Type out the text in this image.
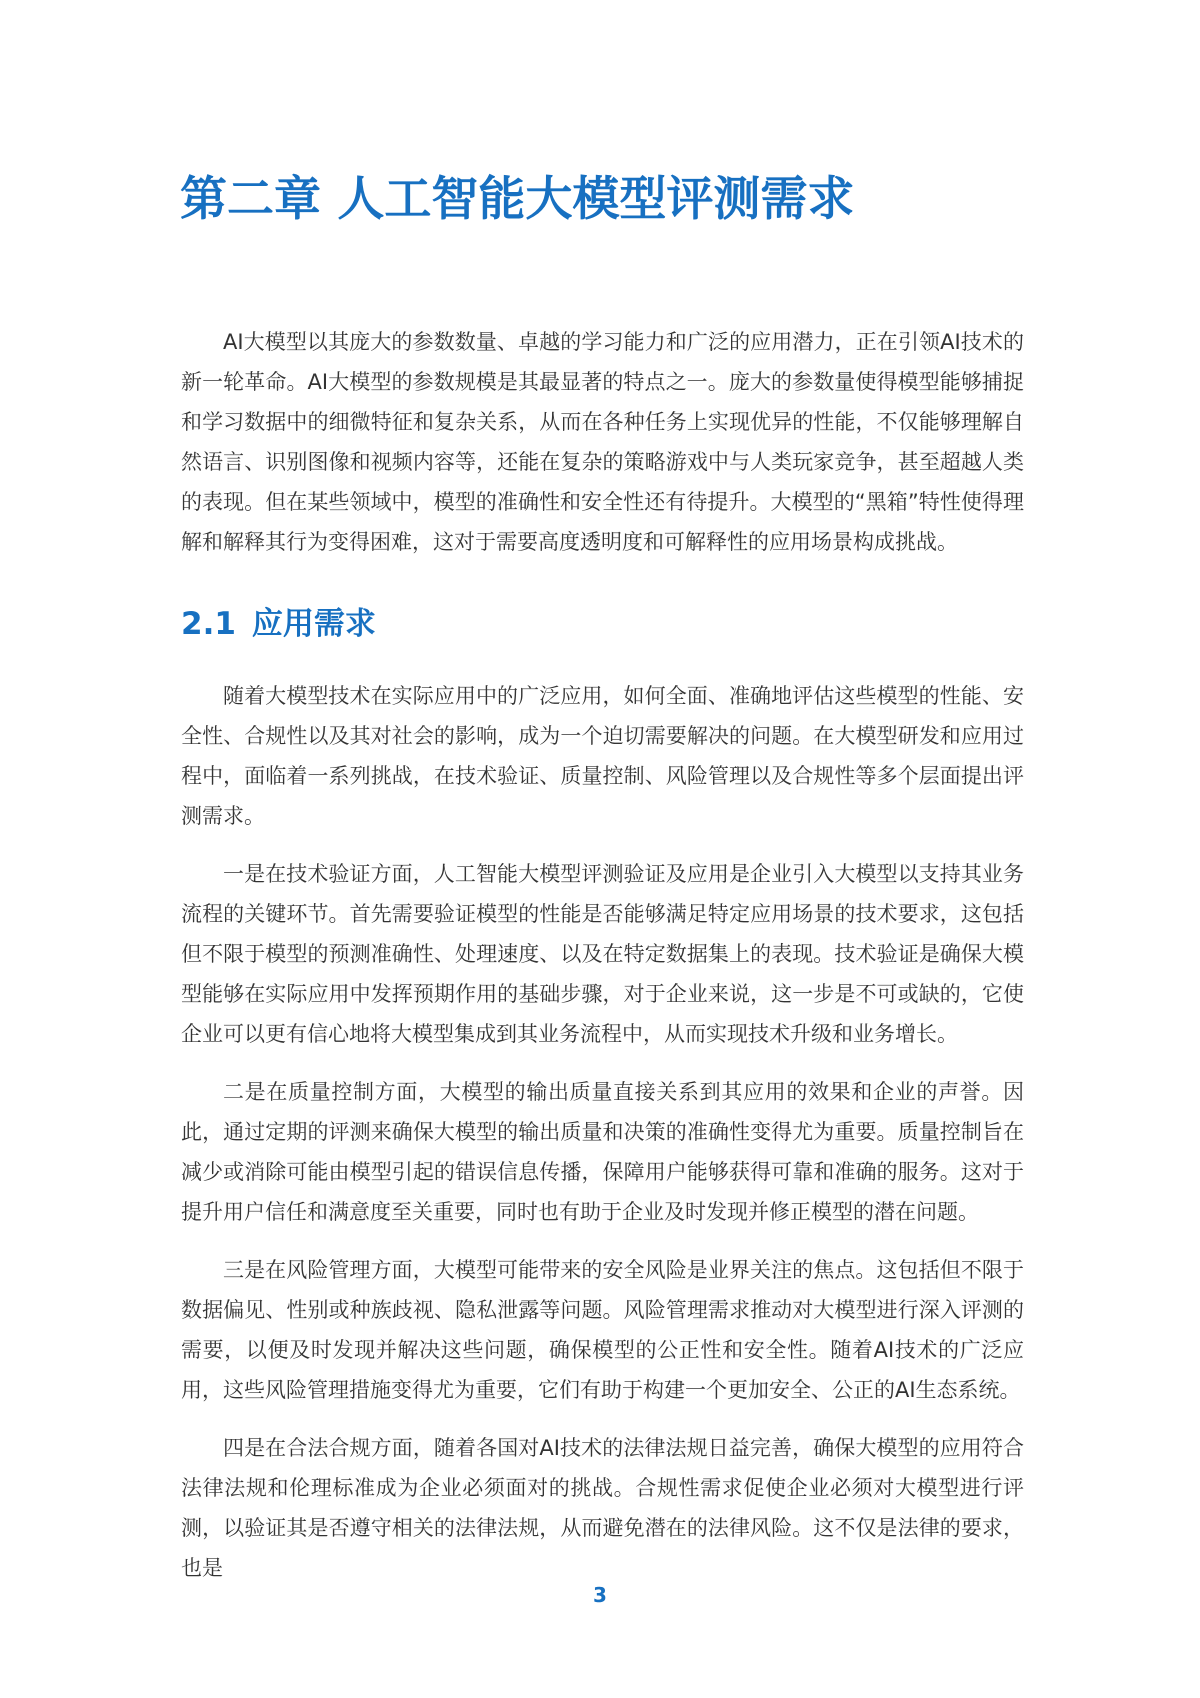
第二章 人工智能大模型评测需求

AI大模型以其庞大的参数数量、卓越的学习能力和广泛的应用潜力，正在引领AI技术的新一轮革命。AI大模型的参数规模是其最显著的特点之一。庞大的参数量使得模型能够捕捉和学习数据中的细微特征和复杂关系，从而在各种任务上实现优异的性能，不仅能够理解自然语言、识别图像和视频内容等，还能在复杂的策略游戏中与人类玩家竞争，甚至超越人类的表现。但在某些领域中，模型的准确性和安全性还有待提升。大模型的“黑箱”特性使得理解和解释其行为变得困难，这对于需要高度透明度和可解释性的应用场景构成挑战。

2.1 应用需求

随着大模型技术在实际应用中的广泛应用，如何全面、准确地评估这些模型的性能、安全性、合规性以及其对社会的影响，成为一个迫切需要解决的问题。在大模型研发和应用过程中，面临着一系列挑战，在技术验证、质量控制、风险管理以及合规性等多个层面提出评测需求。

一是在技术验证方面，人工智能大模型评测验证及应用是企业引入大模型以支持其业务流程的关键环节。首先需要验证模型的性能是否能够满足特定应用场景的技术要求，这包括但不限于模型的预测准确性、处理速度、以及在特定数据集上的表现。技术验证是确保大模型能够在实际应用中发挥预期作用的基础步骤，对于企业来说，这一步是不可或缺的，它使企业可以更有信心地将大模型集成到其业务流程中，从而实现技术升级和业务增长。

二是在质量控制方面，大模型的输出质量直接关系到其应用的效果和企业的声誉。因此，通过定期的评测来确保大模型的输出质量和决策的准确性变得尤为重要。质量控制旨在减少或消除可能由模型引起的错误信息传播，保障用户能够获得可靠和准确的服务。这对于提升用户信任和满意度至关重要，同时也有助于企业及时发现并修正模型的潜在问题。

三是在风险管理方面，大模型可能带来的安全风险是业界关注的焦点。这包括但不限于数据偏见、性别或种族歧视、隐私泄露等问题。风险管理需求推动对大模型进行深入评测的需要，以便及时发现并解决这些问题，确保模型的公正性和安全性。随着AI技术的广泛应用，这些风险管理措施变得尤为重要，它们有助于构建一个更加安全、公正的AI生态系统。

四是在合法合规方面，随着各国对AI技术的法律法规日益完善，确保大模型的应用符合法律法规和伦理标准成为企业必须面对的挑战。合规性需求促使企业必须对大模型进行评测，以验证其是否遵守相关的法律法规，从而避免潜在的法律风险。这不仅是法律的要求，也是

3
